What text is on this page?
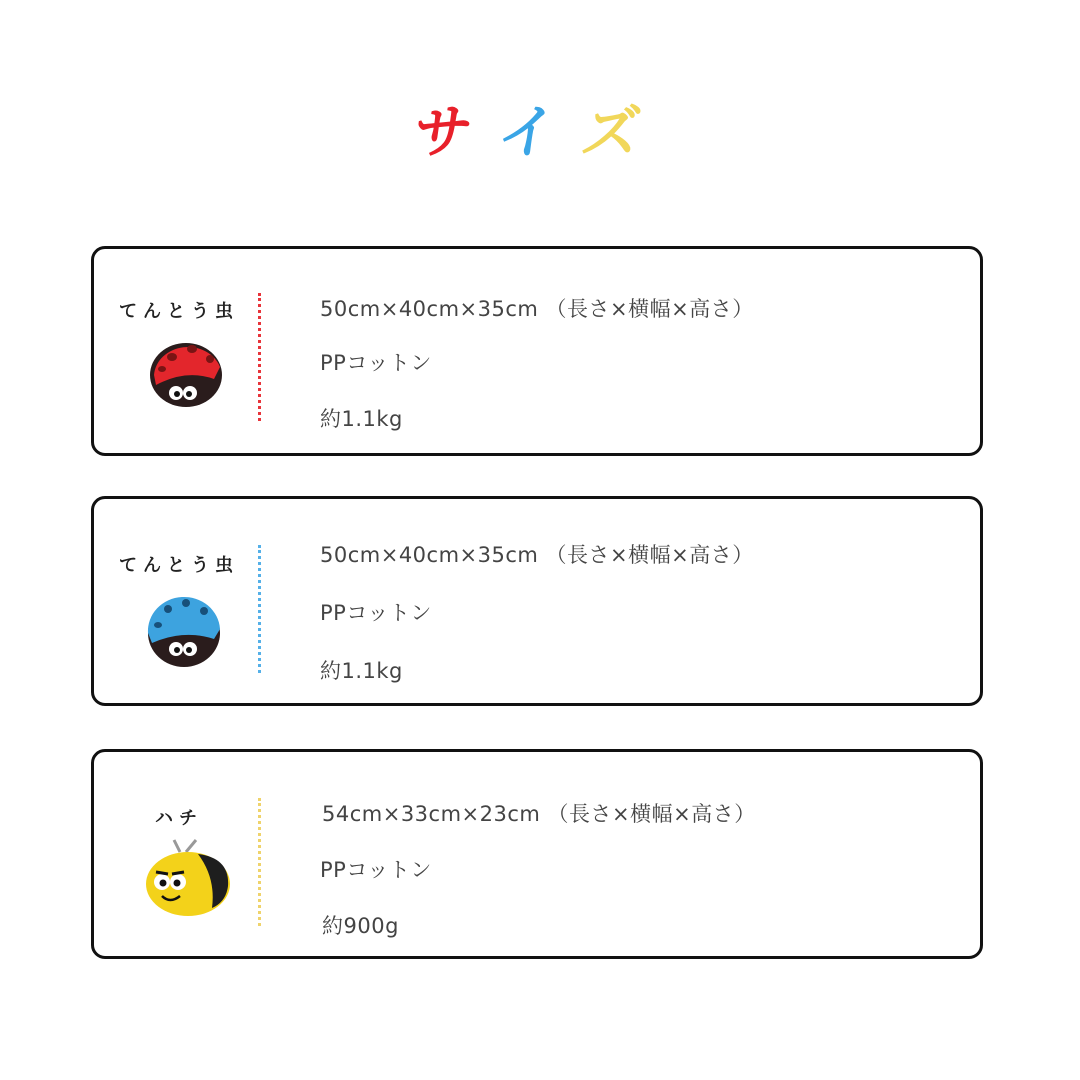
サイズ
てんとう虫	50cm×40cm×35cm （長さ×横幅×高さ）
PPコットン
約1.1kg
てんとう虫	50cm×40cm×35cm （長さ×横幅×高さ）
PPコットン
約1.1kg
ハチ	54cm×33cm×23cm （長さ×横幅×高さ）
PPコットン
約900g
